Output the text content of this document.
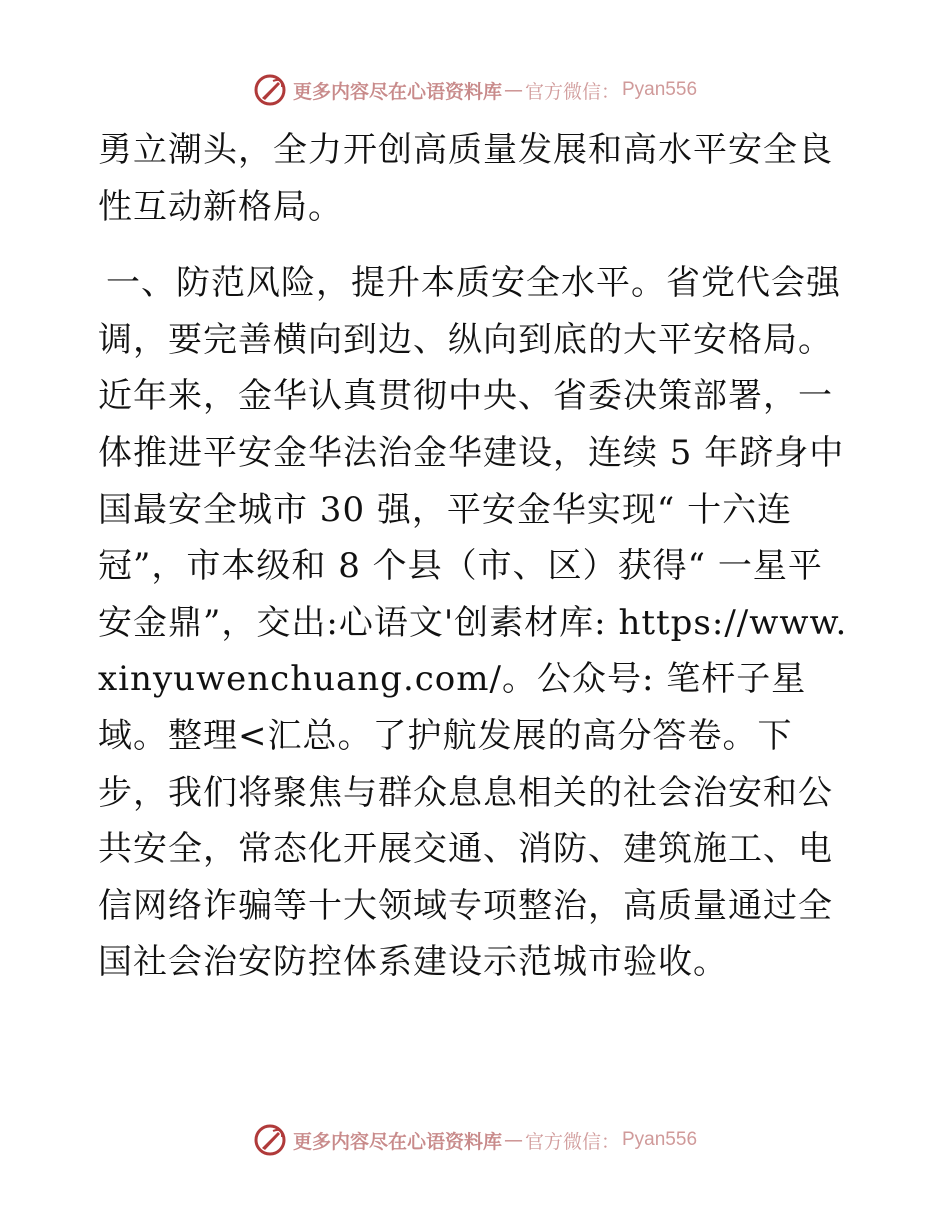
更多内容尽在心语资料库 — 官方微信： Pyan556

勇立潮头，全力开创高质量发展和高水平安全良性互动新格局。

一、防范风险，提升本质安全水平。省党代会强调，要完善横向到边、纵向到底的大平安格局。近年来，金华认真贯彻中央、省委决策部署，一体推进平安金华法治金华建设，连续 5 年跻身中国最安全城市 30 强，平安金华实现“ 十六连冠”，市本级和 8 个县（市、区）获得“ 一星平安金鼎”，交出:心语文'创素材库: https://www.xinyuwenchuang.com/。公众号: 笔杆子星域。整理<汇总。了护航发展的高分答卷。下步，我们将聚焦与群众息息相关的社会治安和公共安全，常态化开展交通、消防、建筑施工、电信网络诈骗等十大领域专项整治，高质量通过全国社会治安防控体系建设示范城市验收。

更多内容尽在心语资料库 — 官方微信： Pyan556
